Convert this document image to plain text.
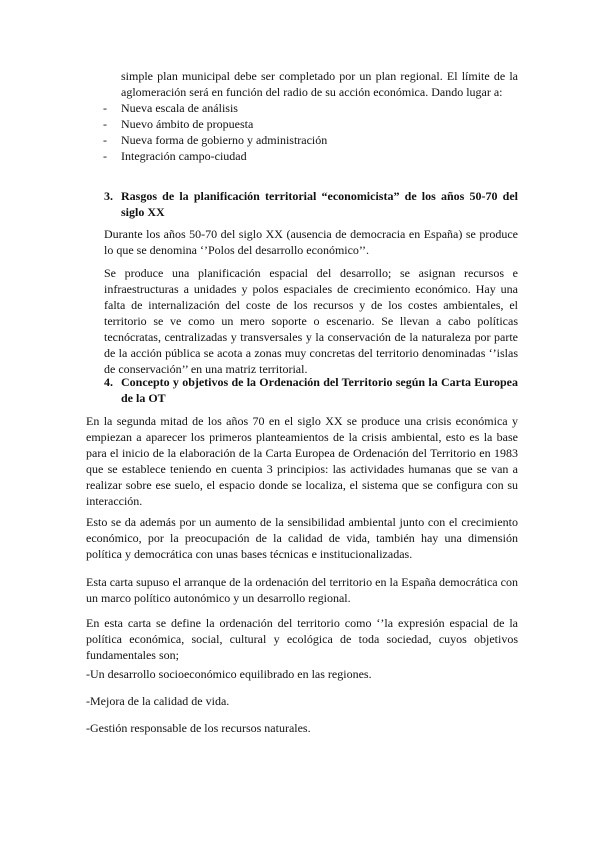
simple plan municipal debe ser completado por un plan regional. El límite de la aglomeración será en función del radio de su acción económica. Dando lugar a:

- Nueva escala de análisis
- Nuevo ámbito de propuesta
- Nueva forma de gobierno y administración
- Integración campo-ciudad
3. Rasgos de la planificación territorial “economicista” de los años 50-70 del siglo XX

Durante los años 50-70 del siglo XX (ausencia de democracia en España) se produce lo que se denomina ‘’Polos del desarrollo económico’’.

Se produce una planificación espacial del desarrollo; se asignan recursos e infraestructuras a unidades y polos espaciales de crecimiento económico. Hay una falta de internalización del coste de los recursos y de los costes ambientales, el territorio se ve como un mero soporte o escenario. Se llevan a cabo políticas tecnócratas, centralizadas y transversales y la conservación de la naturaleza por parte de la acción pública se acota a zonas muy concretas del territorio denominadas ‘’islas de conservación’’ en una matriz territorial.

4. Concepto y objetivos de la Ordenación del Territorio según la Carta Europea de la OT

En la segunda mitad de los años 70 en el siglo XX se produce una crisis económica y empiezan a aparecer los primeros planteamientos de la crisis ambiental, esto es la base para el inicio de la elaboración de la Carta Europea de Ordenación del Territorio en 1983 que se establece teniendo en cuenta 3 principios: las actividades humanas que se van a realizar sobre ese suelo, el espacio donde se localiza, el sistema que se configura con su interacción.

Esto se da además por un aumento de la sensibilidad ambiental junto con el crecimiento económico, por la preocupación de la calidad de vida, también hay una dimensión política y democrática con unas bases técnicas e institucionalizadas.

Esta carta supuso el arranque de la ordenación del territorio en la España democrática con un marco político autonómico y un desarrollo regional.

En esta carta se define la ordenación del territorio como ‘’la expresión espacial de la política económica, social, cultural y ecológica de toda sociedad, cuyos objetivos fundamentales son;

-Un desarrollo socioeconómico equilibrado en las regiones.

-Mejora de la calidad de vida.

-Gestión responsable de los recursos naturales.
